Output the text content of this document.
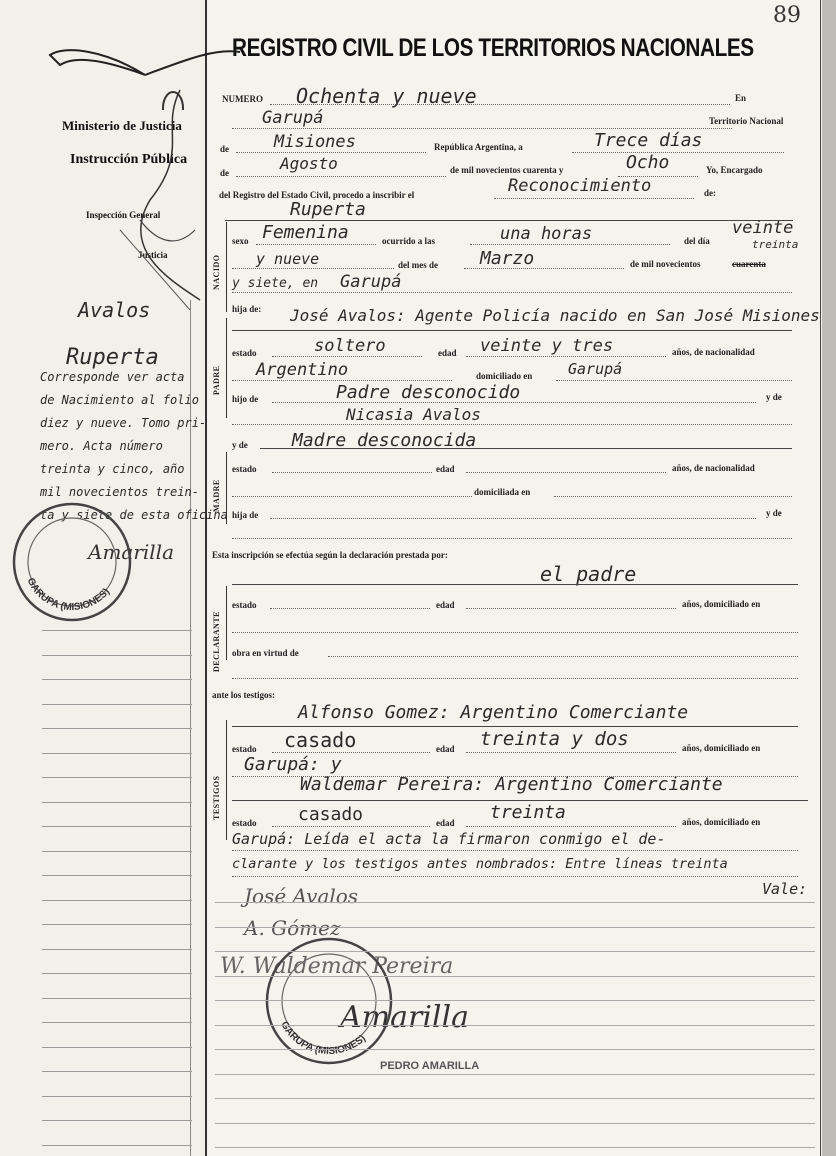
89
REGISTRO CIVIL DE LOS TERRITORIOS NACIONALES
Ministerio de Justicia
Instrucción Pública
Inspección General
Justicia
Avalos
Ruperta
Corresponde ver acta
de Nacimiento al folio
diez y nueve. Tomo pri-
mero. Acta número
treinta y cinco, año
mil novecientos trein-
ta y siete de esta oficina
Amarilla
GARUPA (MISIONES)
NUMERO Ochenta y nueve	En
Garupá	Territorio Nacional
de	Misiones	República Argentina, a	Trece días
de	Agosto	de mil novecientos cuarenta y	Ocho	Yo, Encargado
del Registro del Estado Civil, procedo a inscribir el	Reconocimiento	de:
Ruperta
NACIDO
sexo Femenina	ocurrido a las	una horas	del día
veinte
treinta
y nueve	del mes de Marzo	de mil novecientos	cuarenta
y siete, en Garupá
hija de:
PADRE
José Avalos: Agente Policía nacido en San José Misiones
estado	soltero	edad veinte y tres	años, de nacionalidad
Argentino	domiciliado en Garupá
hijo de	Padre desconocido	y de
Nicasia Avalos
y de Madre desconocida
MADRE
estado	edad	años, de nacionalidad
domiciliada en
hija de	y de
Esta inscripción se efectúa según la declaración prestada por:
el padre
DECLARANTE
estado	edad	años, domiciliado en
obra en virtud de
ante los testigos:
TESTIGOS
Alfonso Gomez: Argentino Comerciante
estado casado	edad treinta y dos	años, domiciliado en
Garupá: y
Waldemar Pereira: Argentino Comerciante
estado casado	edad treinta	años, domiciliado en
Garupá: Leída el acta la firmaron conmigo el de-
clarante y los testigos antes nombrados: Entre líneas treinta
Vale:
José Avalos
A. Gómez
W. Waldemar Pereira
Amarilla
PEDRO AMARILLA
GARUPA (MISIONES)
